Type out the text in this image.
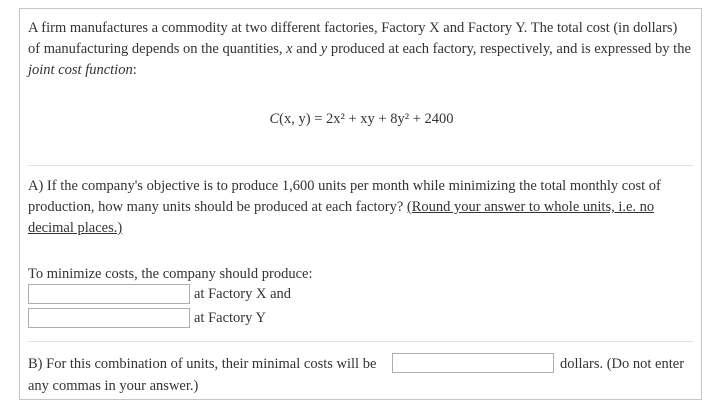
A firm manufactures a commodity at two different factories, Factory X and Factory Y. The total cost (in dollars) of manufacturing depends on the quantities, x and y produced at each factory, respectively, and is expressed by the joint cost function:

C(x, y) = 2x² + xy + 8y² + 2400

A) If the company's objective is to produce 1,600 units per month while minimizing the total monthly cost of production, how many units should be produced at each factory? (Round your answer to whole units, i.e. no decimal places.)

To minimize costs, the company should produce:
at Factory X and
at Factory Y
B) For this combination of units, their minimal costs will be	dollars. (Do not enter
any commas in your answer.)
